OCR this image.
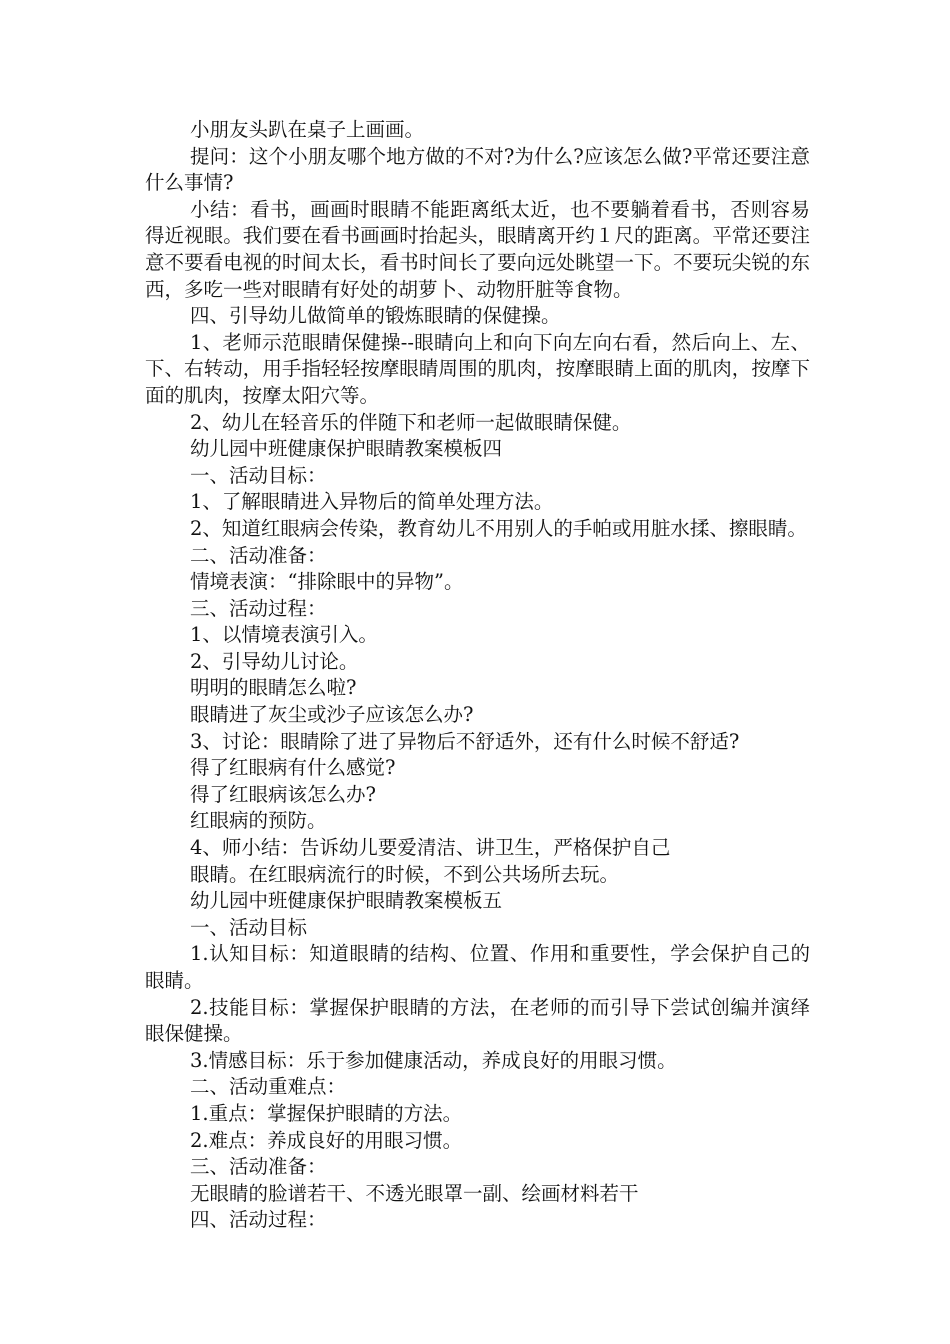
小朋友头趴在桌子上画画。

提问：这个小朋友哪个地方做的不对?为什么?应该怎么做?平常还要注意什么事情?

小结：看书，画画时眼睛不能距离纸太近，也不要躺着看书，否则容易得近视眼。我们要在看书画画时抬起头，眼睛离开约１尺的距离。平常还要注意不要看电视的时间太长，看书时间长了要向远处眺望一下。不要玩尖锐的东西，多吃一些对眼睛有好处的胡萝卜、动物肝脏等食物。

四、引导幼儿做简单的锻炼眼睛的保健操。

1、老师示范眼睛保健操--眼睛向上和向下向左向右看，然后向上、左、下、右转动，用手指轻轻按摩眼睛周围的肌肉，按摩眼睛上面的肌肉，按摩下面的肌肉，按摩太阳穴等。

2、幼儿在轻音乐的伴随下和老师一起做眼睛保健。

幼儿园中班健康保护眼睛教案模板四

一、活动目标：

1、了解眼睛进入异物后的简单处理方法。

2、知道红眼病会传染，教育幼儿不用别人的手帕或用脏水揉、擦眼睛。

二、活动准备：

情境表演：“排除眼中的异物”。

三、活动过程：

1、以情境表演引入。

2、引导幼儿讨论。

明明的眼睛怎么啦?

眼睛进了灰尘或沙子应该怎么办?

3、讨论：眼睛除了进了异物后不舒适外，还有什么时候不舒适?

得了红眼病有什么感觉?

得了红眼病该怎么办?

红眼病的预防。

4、师小结：告诉幼儿要爱清洁、讲卫生，严格保护自己

眼睛。在红眼病流行的时候，不到公共场所去玩。

幼儿园中班健康保护眼睛教案模板五

一、活动目标

1.认知目标：知道眼睛的结构、位置、作用和重要性，学会保护自己的眼睛。

2.技能目标：掌握保护眼睛的方法，在老师的而引导下尝试创编并演绎眼保健操。

3.情感目标：乐于参加健康活动，养成良好的用眼习惯。

二、活动重难点：

1.重点：掌握保护眼睛的方法。

2.难点：养成良好的用眼习惯。

三、活动准备：

无眼睛的脸谱若干、不透光眼罩一副、绘画材料若干

四、活动过程：
